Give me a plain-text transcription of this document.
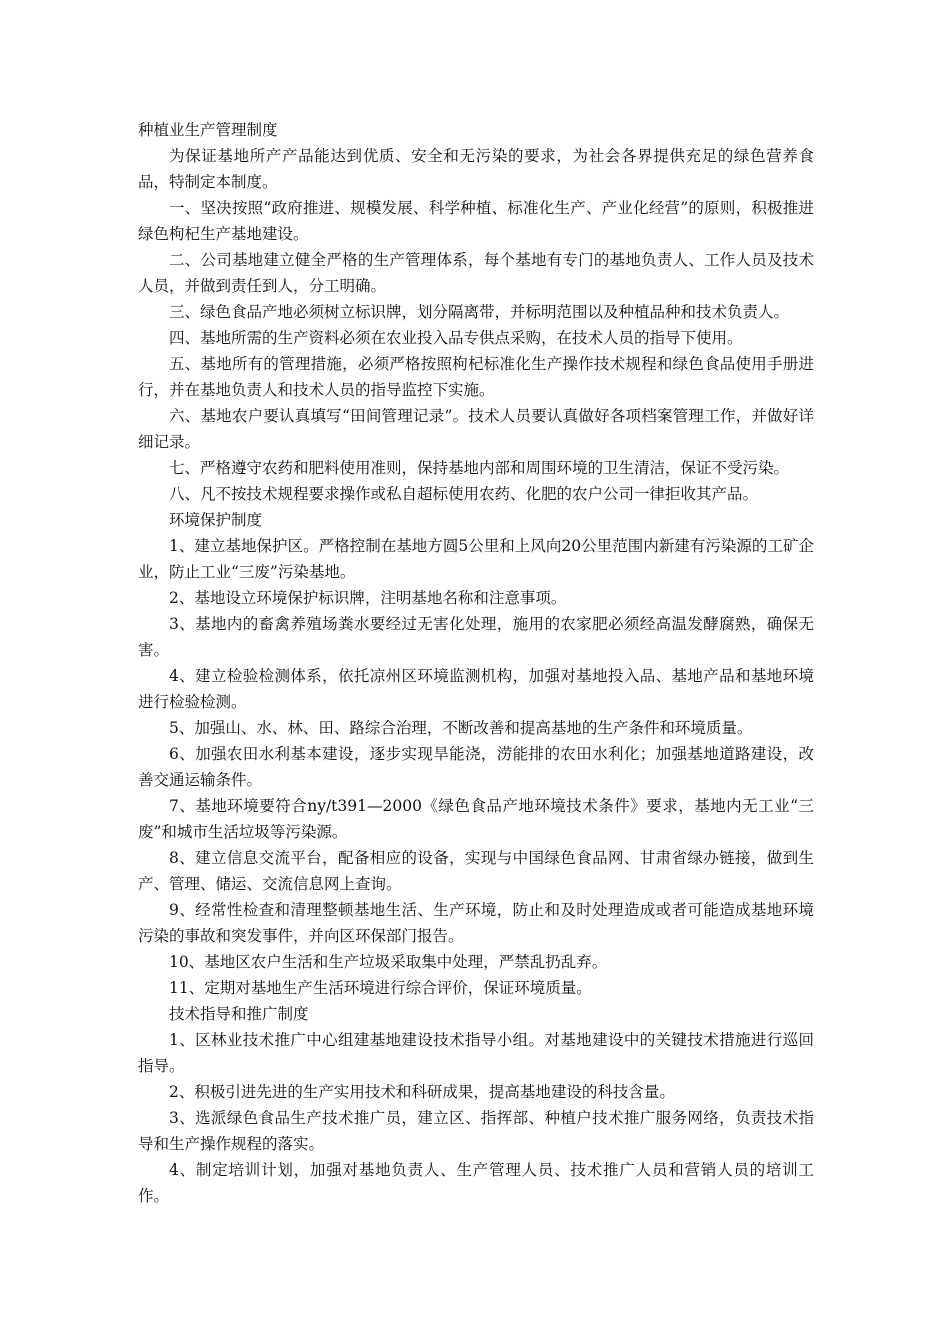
种植业生产管理制度

为保证基地所产产品能达到优质、安全和无污染的要求，为社会各界提供充足的绿色营养食品，特制定本制度。

一、坚决按照“政府推进、规模发展、科学种植、标准化生产、产业化经营”的原则，积极推进绿色枸杞生产基地建设。

二、公司基地建立健全严格的生产管理体系，每个基地有专门的基地负责人、工作人员及技术人员，并做到责任到人，分工明确。

三、绿色食品产地必须树立标识牌，划分隔离带，并标明范围以及种植品种和技术负责人。

四、基地所需的生产资料必须在农业投入品专供点采购，在技术人员的指导下使用。

五、基地所有的管理措施，必须严格按照枸杞标准化生产操作技术规程和绿色食品使用手册进行，并在基地负责人和技术人员的指导监控下实施。

六、基地农户要认真填写“田间管理记录”。技术人员要认真做好各项档案管理工作，并做好详细记录。

七、严格遵守农药和肥料使用准则，保持基地内部和周围环境的卫生清洁，保证不受污染。

八、凡不按技术规程要求操作或私自超标使用农药、化肥的农户公司一律拒收其产品。

环境保护制度

1、建立基地保护区。严格控制在基地方圆5公里和上风向20公里范围内新建有污染源的工矿企业，防止工业“三废”污染基地。

2、基地设立环境保护标识牌，注明基地名称和注意事项。

3、基地内的畜禽养殖场粪水要经过无害化处理，施用的农家肥必须经高温发酵腐熟，确保无害。

4、建立检验检测体系，依托凉州区环境监测机构，加强对基地投入品、基地产品和基地环境进行检验检测。

5、加强山、水、林、田、路综合治理，不断改善和提高基地的生产条件和环境质量。

6、加强农田水利基本建设，逐步实现旱能浇，涝能排的农田水利化；加强基地道路建设，改善交通运输条件。

7、基地环境要符合ny/t391—2000《绿色食品产地环境技术条件》要求，基地内无工业“三废”和城市生活垃圾等污染源。

8、建立信息交流平台，配备相应的设备，实现与中国绿色食品网、甘肃省绿办链接，做到生产、管理、储运、交流信息网上查询。

9、经常性检查和清理整顿基地生活、生产环境，防止和及时处理造成或者可能造成基地环境污染的事故和突发事件，并向区环保部门报告。

10、基地区农户生活和生产垃圾采取集中处理，严禁乱扔乱弃。

11、定期对基地生产生活环境进行综合评价，保证环境质量。

技术指导和推广制度

1、区林业技术推广中心组建基地建设技术指导小组。对基地建设中的关键技术措施进行巡回指导。

2、积极引进先进的生产实用技术和科研成果，提高基地建设的科技含量。

3、选派绿色食品生产技术推广员，建立区、指挥部、种植户技术推广服务网络，负责技术指导和生产操作规程的落实。

4、制定培训计划，加强对基地负责人、生产管理人员、技术推广人员和营销人员的培训工作。
